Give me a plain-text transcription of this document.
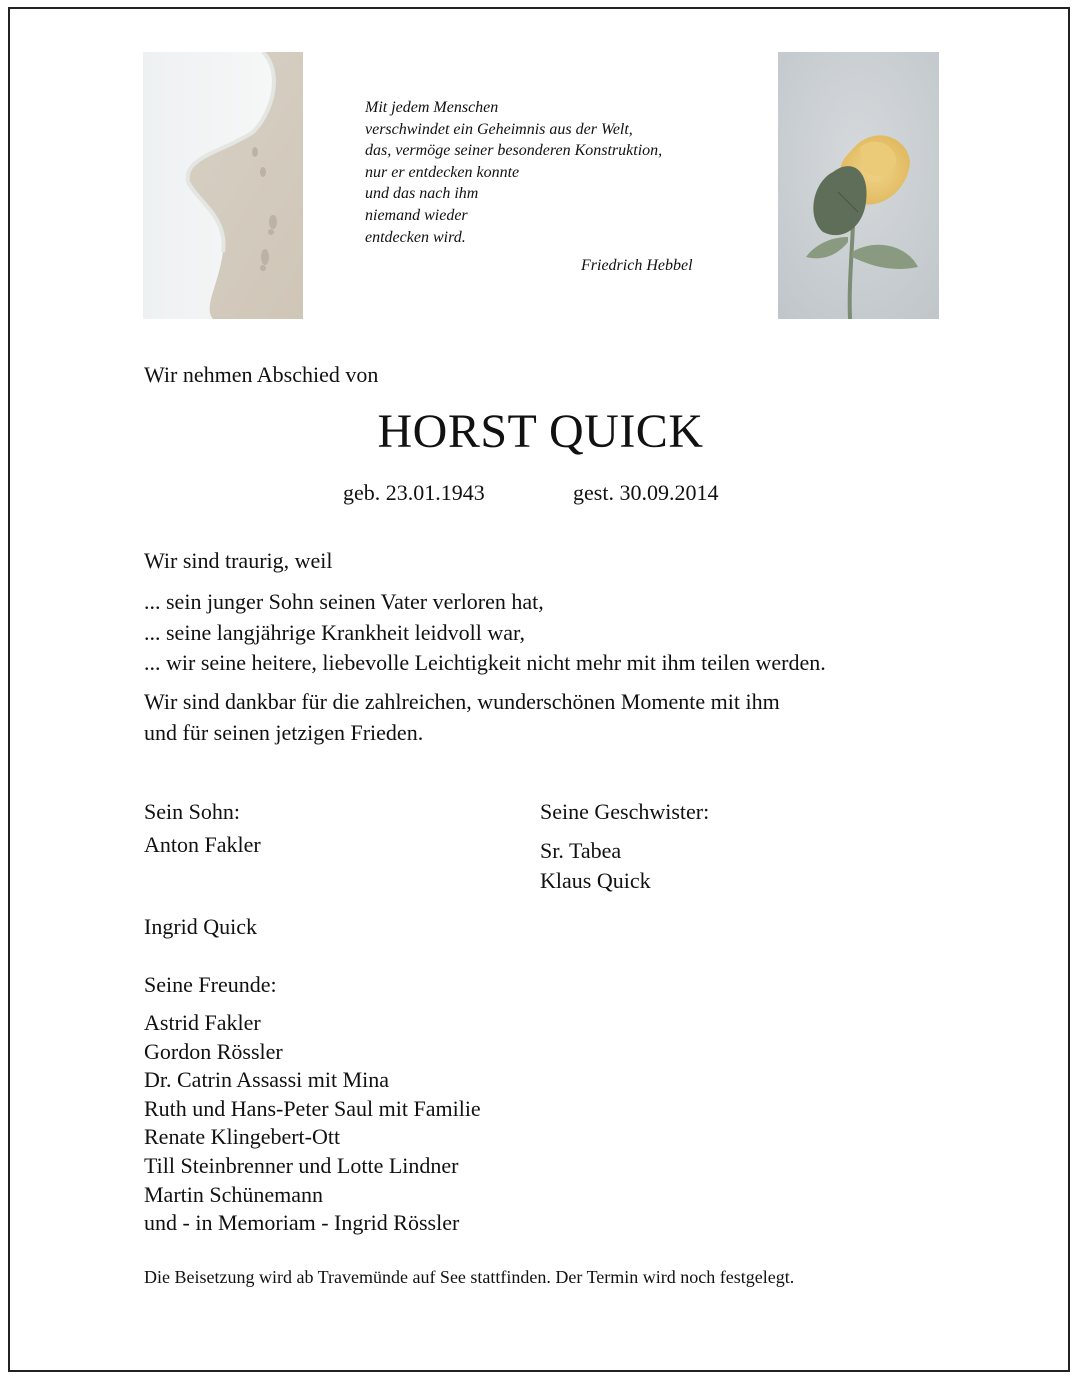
Mit jedem Menschen
verschwindet ein Geheimnis aus der Welt,
das, vermöge seiner besonderen Konstruktion,
nur er entdecken konnte
und das nach ihm
niemand wieder
entdecken wird.
Friedrich Hebbel
Wir nehmen Abschied von
HORST QUICK
geb. 23.01.1943	gest. 30.09.2014
Wir sind traurig, weil
... sein junger Sohn seinen Vater verloren hat,
... seine langjährige Krankheit leidvoll war,
... wir seine heitere, liebevolle Leichtigkeit nicht mehr mit ihm teilen werden.
Wir sind dankbar für die zahlreichen, wunderschönen Momente mit ihm
und für seinen jetzigen Frieden.
Sein Sohn:
Anton Fakler
Seine Geschwister:
Sr. Tabea
Klaus Quick
Ingrid Quick
Seine Freunde:
Astrid Fakler
Gordon Rössler
Dr. Catrin Assassi mit Mina
Ruth und Hans-Peter Saul mit Familie
Renate Klingebert-Ott
Till Steinbrenner und Lotte Lindner
Martin Schünemann
und - in Memoriam - Ingrid Rössler
Die Beisetzung wird ab Travemünde auf See stattfinden. Der Termin wird noch festgelegt.
